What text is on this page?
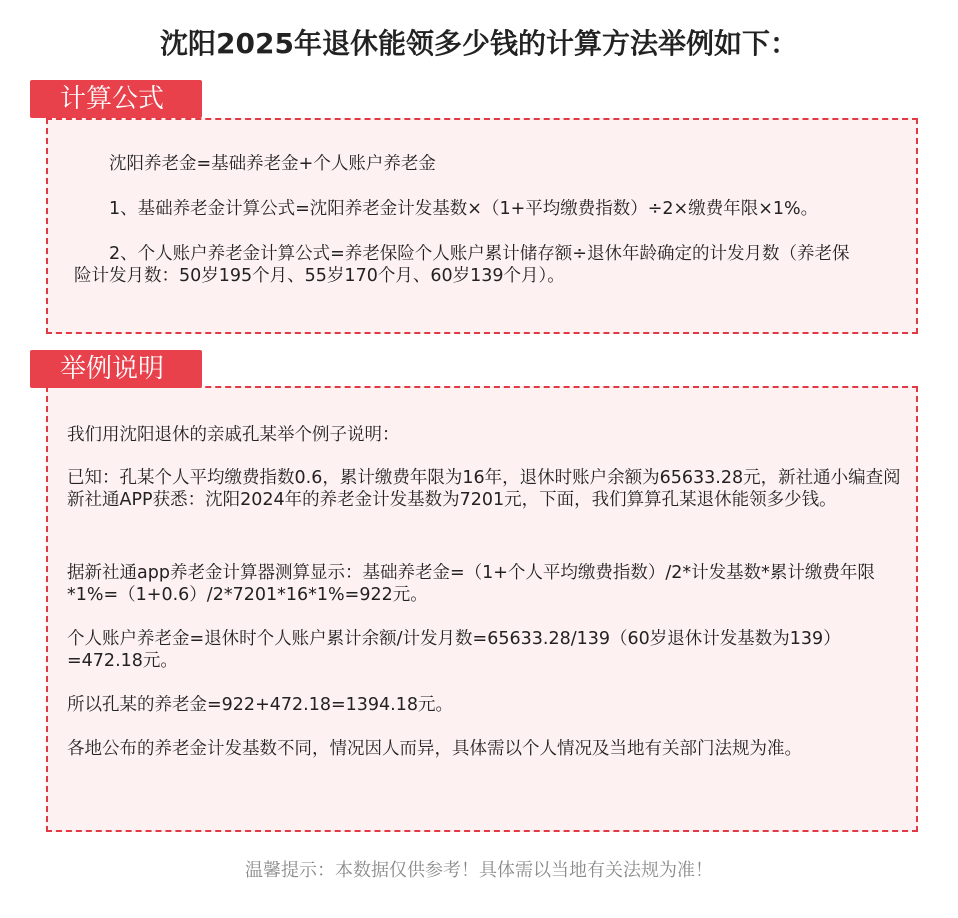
沈阳2025年退休能领多少钱的计算方法举例如下：
计算公式

沈阳养老金=基础养老金+个人账户养老金

1、基础养老金计算公式=沈阳养老金计发基数×（1+平均缴费指数）÷2×缴费年限×1%。

2、个人账户养老金计算公式=养老保险个人账户累计储存额÷退休年龄确定的计发月数（养老保险计发月数：50岁195个月、55岁170个月、60岁139个月）。

举例说明

我们用沈阳退休的亲戚孔某举个例子说明：

已知：孔某个人平均缴费指数0.6，累计缴费年限为16年，退休时账户余额为65633.28元，新社通小编查阅新社通APP获悉：沈阳2024年的养老金计发基数为7201元，下面，我们算算孔某退休能领多少钱。

据新社通app养老金计算器测算显示：基础养老金=（1+个人平均缴费指数）/2*计发基数*累计缴费年限*1%=（1+0.6）/2*7201*16*1%=922元。

个人账户养老金=退休时个人账户累计余额/计发月数=65633.28/139（60岁退休计发基数为139）=472.18元。

所以孔某的养老金=922+472.18=1394.18元。

各地公布的养老金计发基数不同，情况因人而异，具体需以个人情况及当地有关部门法规为准。

温馨提示：本数据仅供参考！具体需以当地有关法规为准！
